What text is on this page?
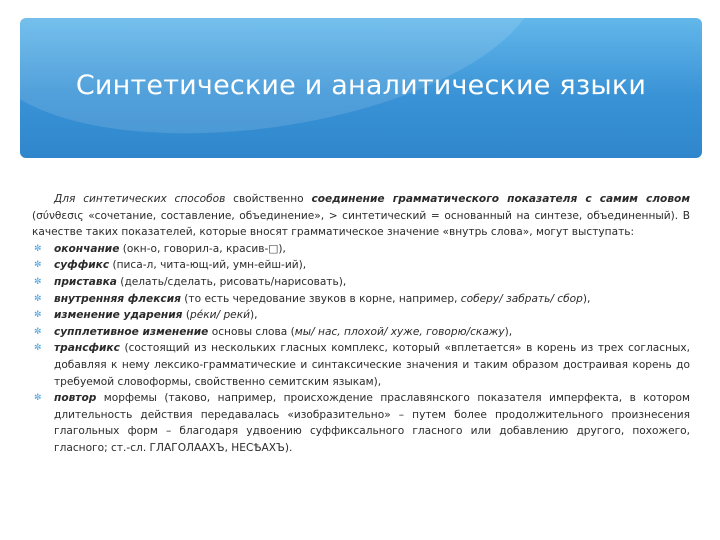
Синтетические и аналитические языки

Для синтетических способов свойственно соединение грамматического показателя с самим словом (σύνθεσις «сочетание, составление, объединение», > синтетический = основанный на синтезе, объединенный). В качестве таких показателей, которые вносят грамматическое значение «внутрь слова», могут выступать:

✼ окончание (окн-о, говорил-а, красив-□),
✼ суффикс (писа-л, чита-ющ-ий, умн-ейш-ий),
✼ приставка (делать/сделать, рисовать/нарисовать),
✼ внутренняя флексия (то есть чередование звуков в корне, например, соберу/ забрать/ сбор),
✼ изменение ударения (ре́ки/ реки́),
✼ супплетивное изменение основы слова (мы/ нас, плохой/ хуже, говорю/скажу),
✼ трансфикс (состоящий из нескольких гласных комплекс, который «вплетается» в корень из трех согласных, добавляя к нему лексико-грамматические и синтаксические значения и таким образом достраивая корень до требуемой словоформы, свойственно семитским языкам),
✼ повтор морфемы (таково, например, происхождение праславянского показателя имперфекта, в котором длительность действия передавалась «изобразительно» – путем более продолжительного произнесения глагольных форм – благодаря удвоению суффиксального гласного или добавлению другого, похожего, гласного; ст.-сл. ГЛАГОЛААХЪ, НЕСѢАХЪ).
